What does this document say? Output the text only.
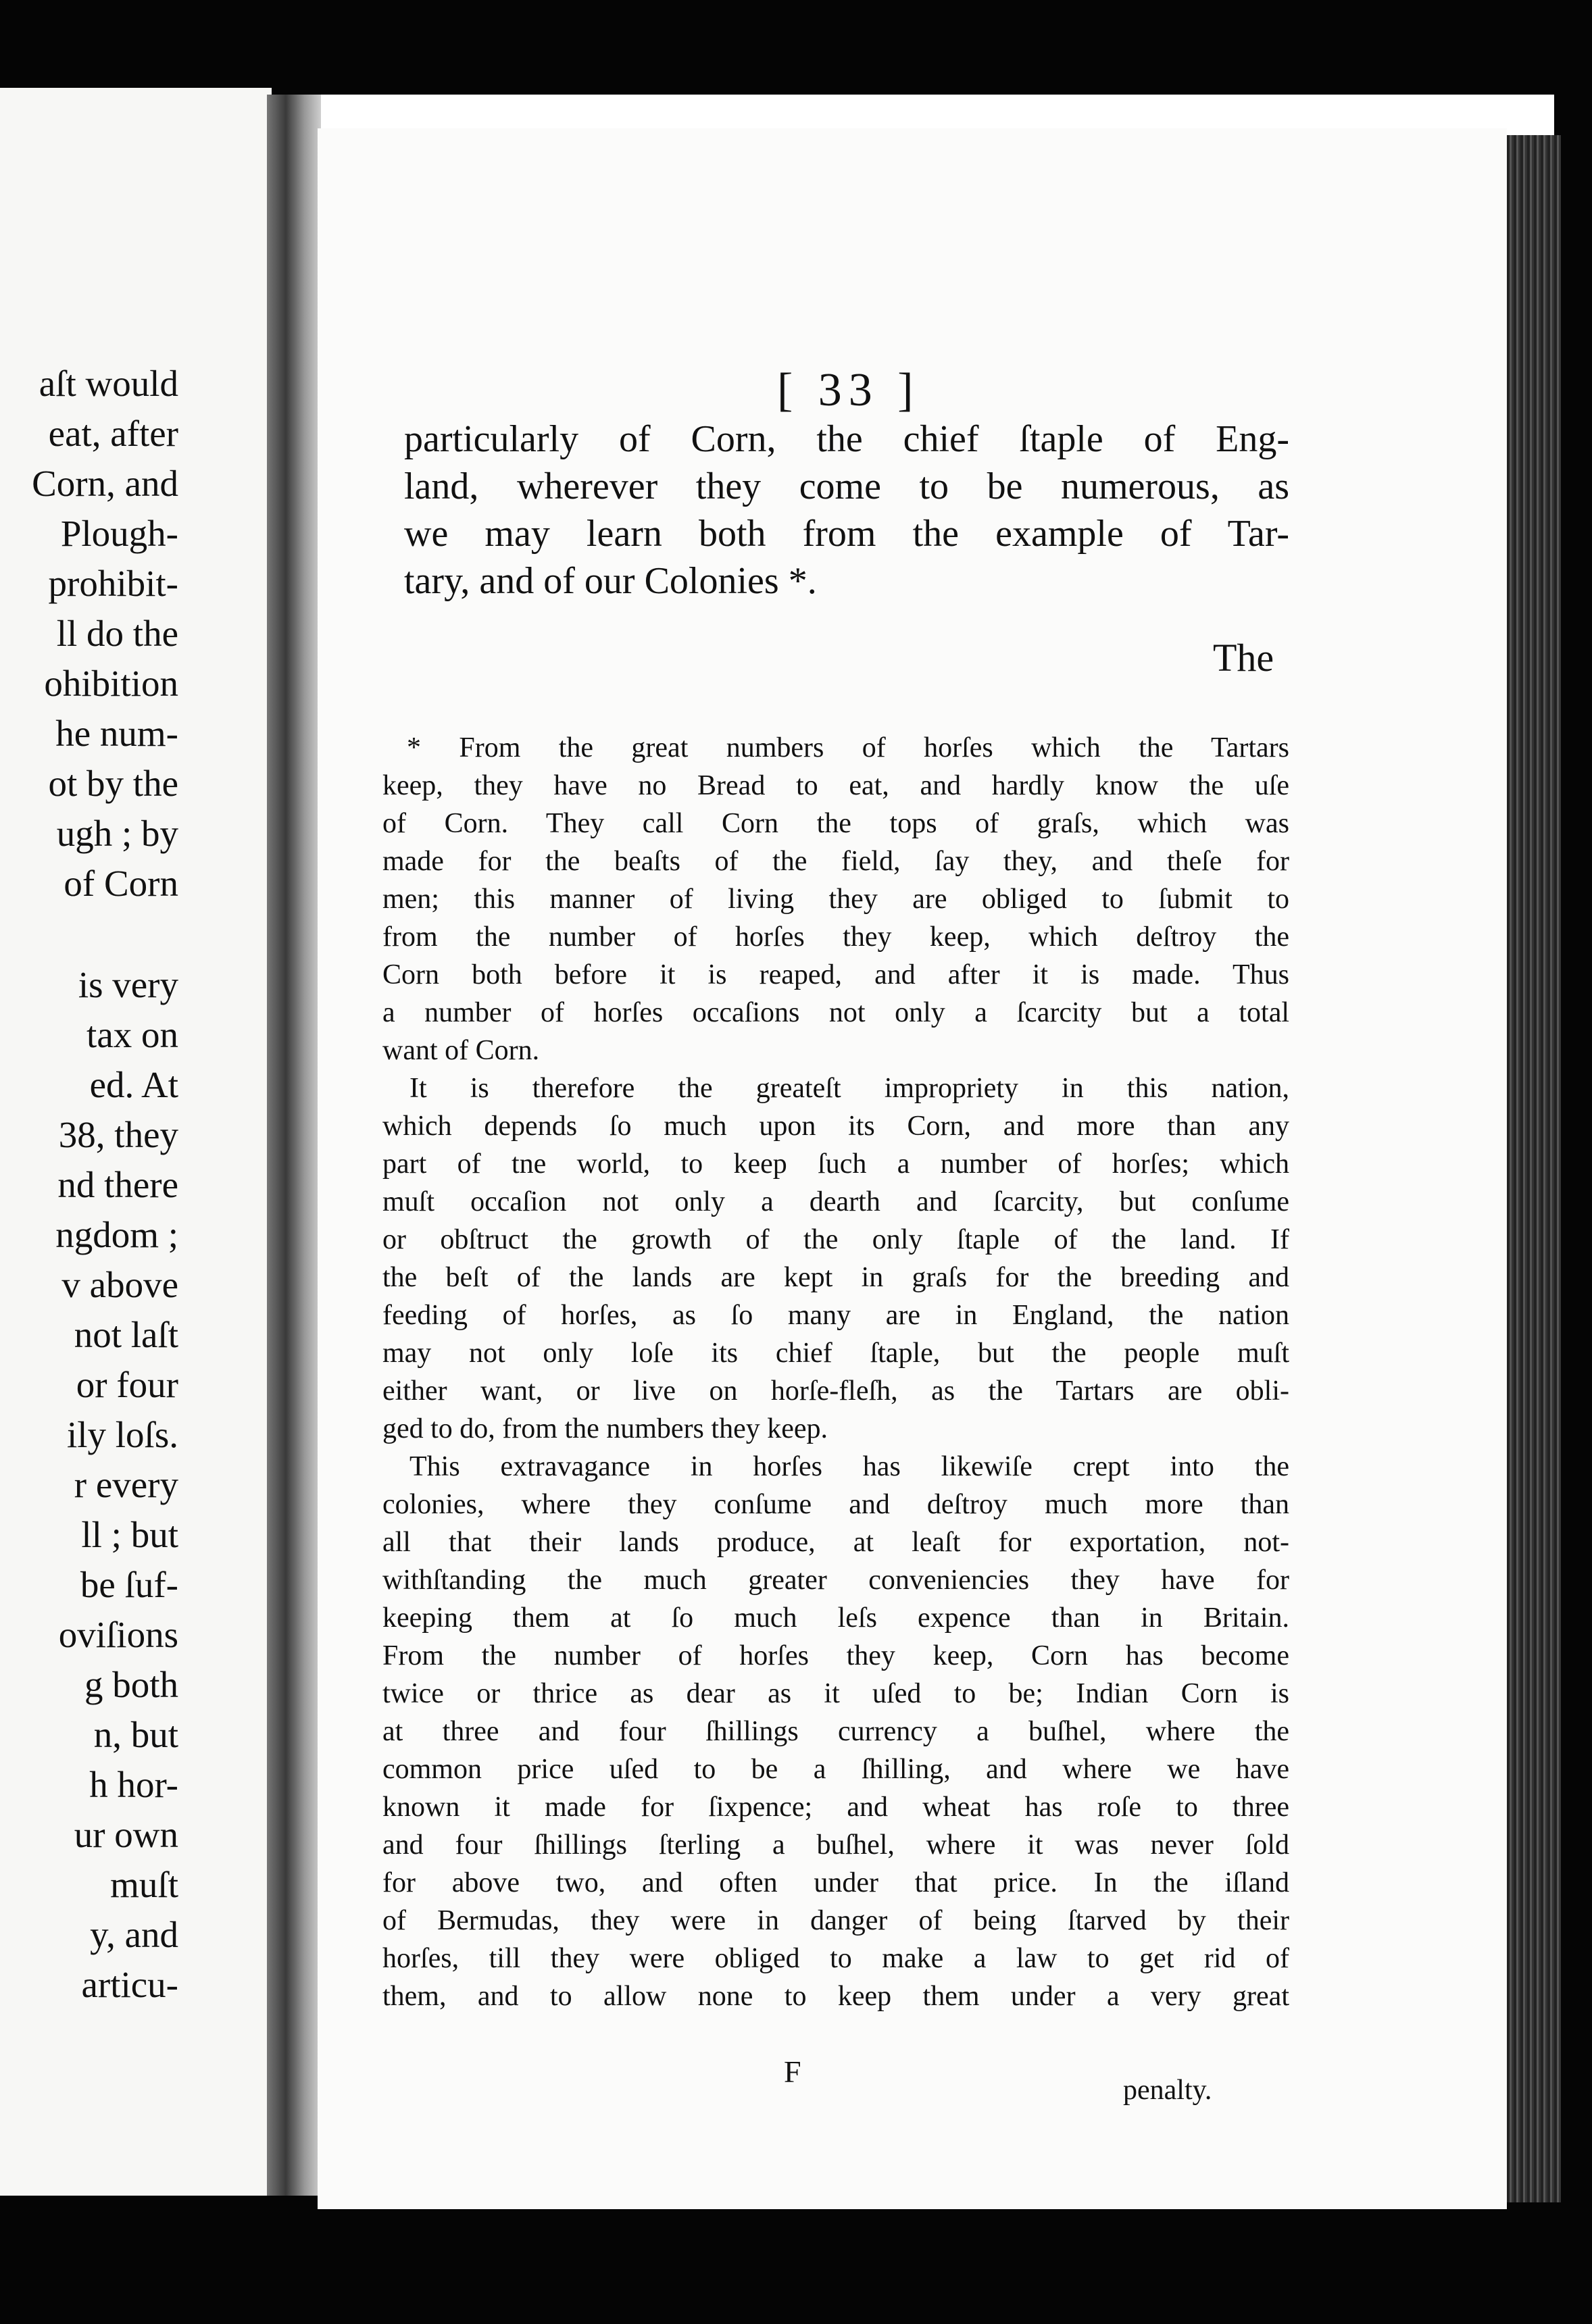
aſt would
eat, after
Corn, and
Plough-
prohibit-
ll do the
ohibition
he num-
ot by the
ugh ; by
of Corn
is very
tax on
ed. At
38, they
nd there
ngdom ;
v above
not laſt
or four
ily loſs.
r every
ll ; but
be ſuf-
oviſions
g both
n, but
h hor-
ur own
muſt
y, and
articu-
[ 33 ]
particularly of Corn, the chief ſtaple of Eng-
land, wherever they come to be numerous, as
we may learn both from the example of Tar-
tary, and of our Colonies *.
The
* From the great numbers of horſes which the Tartars
keep, they have no Bread to eat, and hardly know the uſe
of Corn. They call Corn the tops of graſs, which was
made for the beaſts of the field, ſay they, and theſe for
men; this manner of living they are obliged to ſubmit to
from the number of horſes they keep, which deſtroy the
Corn both before it is reaped, and after it is made. Thus
a number of horſes occaſions not only a ſcarcity but a total
want of Corn.
It is therefore the greateſt impropriety in this nation,
which depends ſo much upon its Corn, and more than any
part of tne world, to keep ſuch a number of horſes; which
muſt occaſion not only a dearth and ſcarcity, but conſume
or obſtruct the growth of the only ſtaple of the land. If
the beſt of the lands are kept in graſs for the breeding and
feeding of horſes, as ſo many are in England, the nation
may not only loſe its chief ſtaple, but the people muſt
either want, or live on horſe-fleſh, as the Tartars are obli-
ged to do, from the numbers they keep.
This extravagance in horſes has likewiſe crept into the
colonies, where they conſume and deſtroy much more than
all that their lands produce, at leaſt for exportation, not-
withſtanding the much greater conveniencies they have for
keeping them at ſo much leſs expence than in Britain.
From the number of horſes they keep, Corn has become
twice or thrice as dear as it uſed to be; Indian Corn is
at three and four ſhillings currency a buſhel, where the
common price uſed to be a ſhilling, and where we have
known it made for ſixpence; and wheat has roſe to three
and four ſhillings ſterling a buſhel, where it was never ſold
for above two, and often under that price. In the iſland
of Bermudas, they were in danger of being ſtarved by their
horſes, till they were obliged to make a law to get rid of
them, and to allow none to keep them under a very great
F
penalty.
